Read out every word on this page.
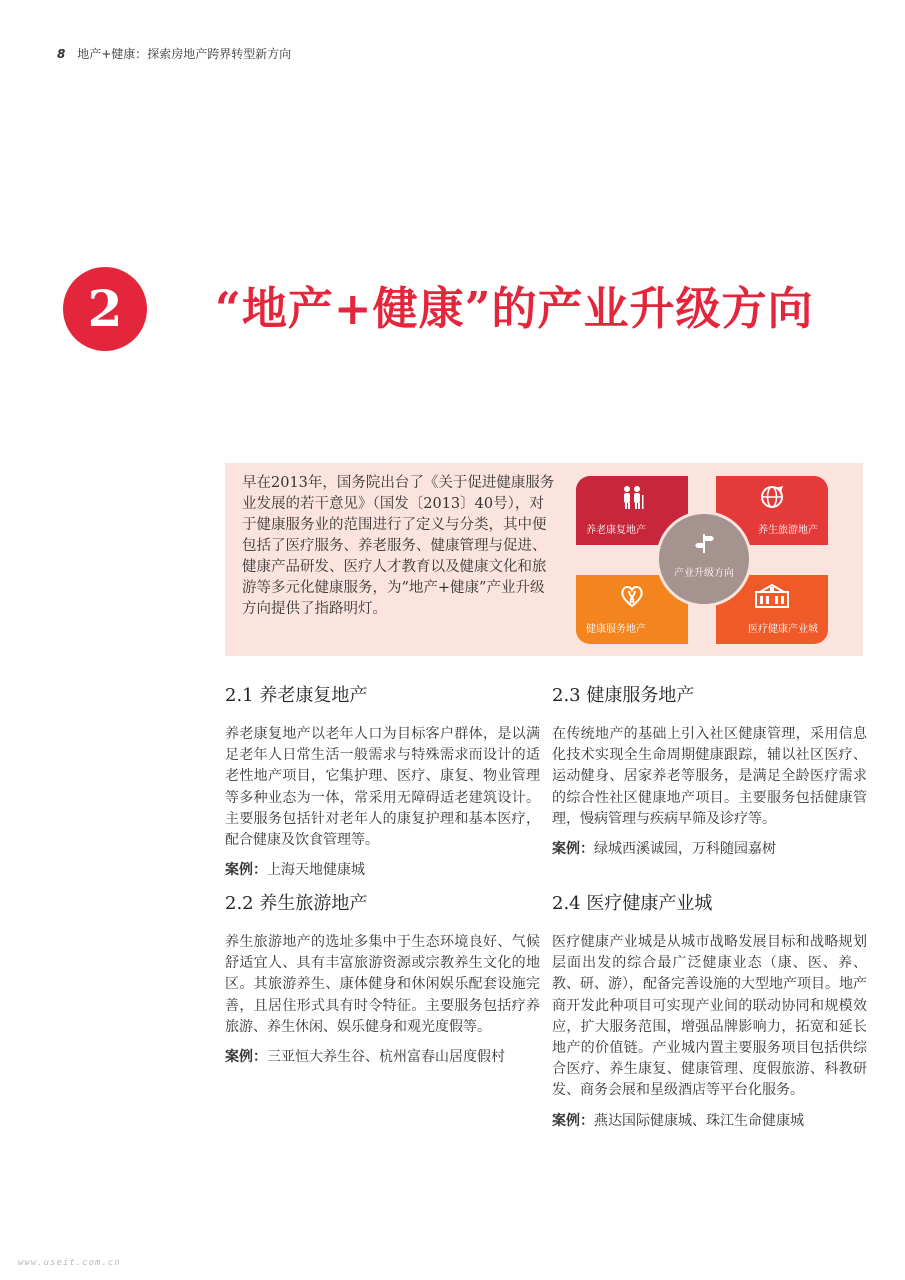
8 地产+健康：探索房地产跨界转型新方向
2	“地产+健康”的产业升级方向
早在2013年，国务院出台了《关于促进健康服务业发展的若干意见》（国发〔2013〕40号），对于健康服务业的范围进行了定义与分类，其中便包括了医疗服务、养老服务、健康管理与促进、健康产品研发、医疗人才教育以及健康文化和旅游等多元化健康服务，为“地产+健康”产业升级方向提供了指路明灯。
养老康复地产	养生旅游地产
健康服务地产	医疗健康产业城
产业升级方向
2.1 养老康复地产

养老康复地产以老年人口为目标客户群体，是以满足老年人日常生活一般需求与特殊需求而设计的适老性地产项目，它集护理、医疗、康复、物业管理等多种业态为一体，常采用无障碍适老建筑设计。主要服务包括针对老年人的康复护理和基本医疗，配合健康及饮食管理等。

案例：上海天地健康城
2.2 养生旅游地产

养生旅游地产的选址多集中于生态环境良好、气候舒适宜人、具有丰富旅游资源或宗教养生文化的地区。其旅游养生、康体健身和休闲娱乐配套设施完善，且居住形式具有时令特征。主要服务包括疗养旅游、养生休闲、娱乐健身和观光度假等。

案例：三亚恒大养生谷、杭州富春山居度假村
2.3 健康服务地产

在传统地产的基础上引入社区健康管理，采用信息化技术实现全生命周期健康跟踪，辅以社区医疗、运动健身、居家养老等服务，是满足全龄医疗需求的综合性社区健康地产项目。主要服务包括健康管理，慢病管理与疾病早筛及诊疗等。

案例：绿城西溪诚园，万科随园嘉树
2.4 医疗健康产业城

医疗健康产业城是从城市战略发展目标和战略规划层面出发的综合最广泛健康业态（康、医、养、教、研、游），配备完善设施的大型地产项目。地产商开发此种项目可实现产业间的联动协同和规模效应，扩大服务范围，增强品牌影响力，拓宽和延长地产的价值链。产业城内置主要服务项目包括供综合医疗、养生康复、健康管理、度假旅游、科教研发、商务会展和星级酒店等平台化服务。

案例：燕达国际健康城、珠江生命健康城
www.useit.com.cn
